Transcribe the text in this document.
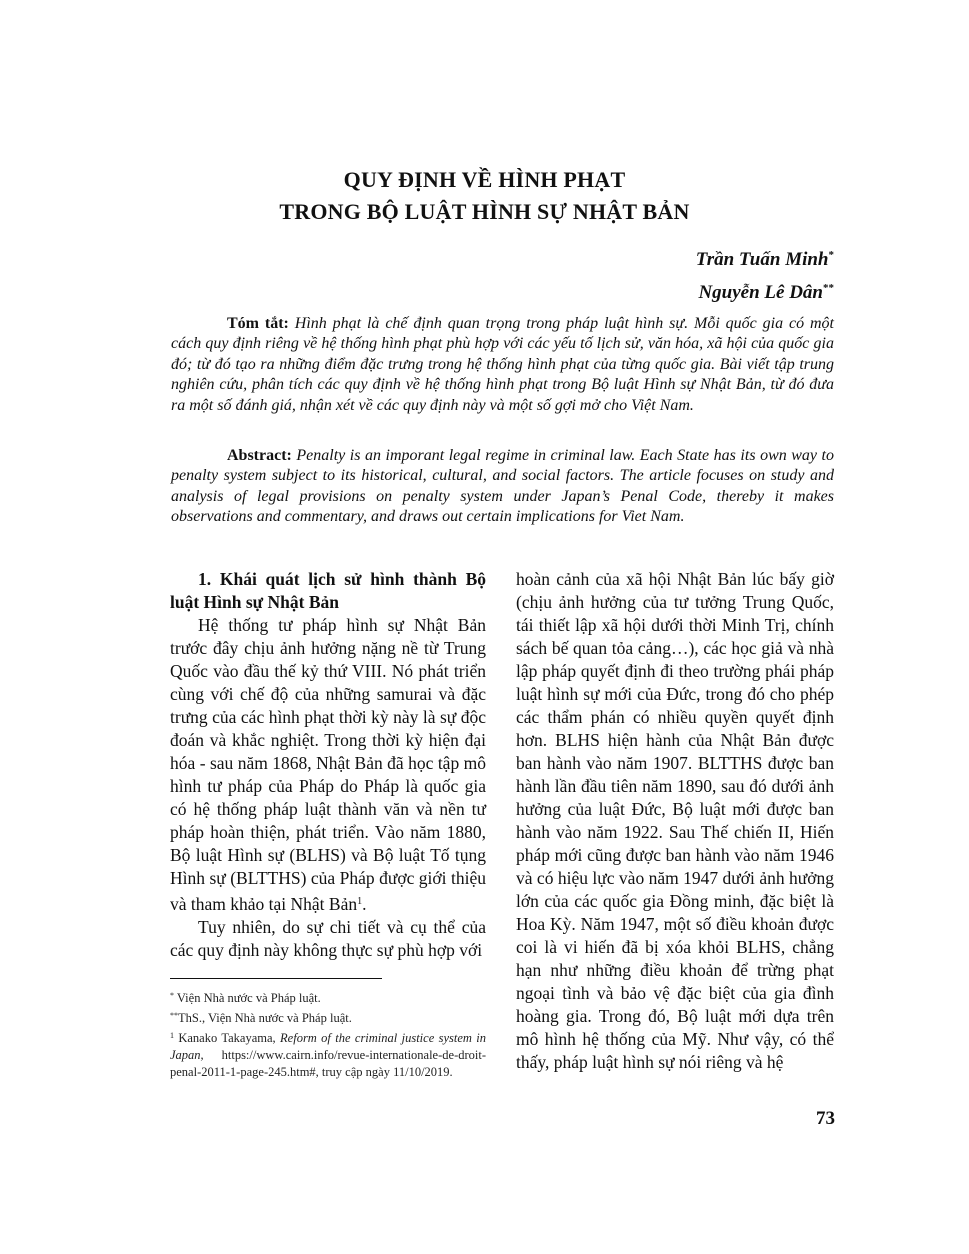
QUY ĐỊNH VỀ HÌNH PHẠT
TRONG BỘ LUẬT HÌNH SỰ NHẬT BẢN
Trần Tuấn Minh*
Nguyễn Lê Dân**

Tóm tắt: Hình phạt là chế định quan trọng trong pháp luật hình sự. Mỗi quốc gia có một cách quy định riêng về hệ thống hình phạt phù hợp với các yếu tố lịch sử, văn hóa, xã hội của quốc gia đó; từ đó tạo ra những điểm đặc trưng trong hệ thống hình phạt của từng quốc gia. Bài viết tập trung nghiên cứu, phân tích các quy định về hệ thống hình phạt trong Bộ luật Hình sự Nhật Bản, từ đó đưa ra một số đánh giá, nhận xét về các quy định này và một số gợi mở cho Việt Nam.

Abstract: Penalty is an imporant legal regime in criminal law. Each State has its own way to penalty system subject to its historical, cultural, and social factors. The article focuses on study and analysis of legal provisions on penalty system under Japan’s Penal Code, thereby it makes observations and commentary, and draws out certain implications for Viet Nam.

1. Khái quát lịch sử hình thành Bộ luật Hình sự Nhật Bản

Hệ thống tư pháp hình sự Nhật Bản trước đây chịu ảnh hưởng nặng nề từ Trung Quốc vào đầu thế kỷ thứ VIII. Nó phát triển cùng với chế độ của những samurai và đặc trưng của các hình phạt thời kỳ này là sự độc đoán và khắc nghiệt. Trong thời kỳ hiện đại hóa - sau năm 1868, Nhật Bản đã học tập mô hình tư pháp của Pháp do Pháp là quốc gia có hệ thống pháp luật thành văn và nền tư pháp hoàn thiện, phát triển. Vào năm 1880, Bộ luật Hình sự (BLHS) và Bộ luật Tố tụng Hình sự (BLTTHS) của Pháp được giới thiệu và tham khảo tại Nhật Bản$^1$.

Tuy nhiên, do sự chi tiết và cụ thể của các quy định này không thực sự phù hợp với

hoàn cảnh của xã hội Nhật Bản lúc bấy giờ (chịu ảnh hưởng của tư tưởng Trung Quốc, tái thiết lập xã hội dưới thời Minh Trị, chính sách bế quan tỏa cảng…), các học giả và nhà lập pháp quyết định đi theo trường phái pháp luật hình sự mới của Đức, trong đó cho phép các thẩm phán có nhiều quyền quyết định hơn. BLHS hiện hành của Nhật Bản được ban hành vào năm 1907. BLTTHS được ban hành lần đầu tiên năm 1890, sau đó dưới ảnh hưởng của luật Đức, Bộ luật mới được ban hành vào năm 1922. Sau Thế chiến II, Hiến pháp mới cũng được ban hành vào năm 1946 và có hiệu lực vào năm 1947 dưới ảnh hưởng lớn của các quốc gia Đồng minh, đặc biệt là Hoa Kỳ. Năm 1947, một số điều khoản được coi là vi hiến đã bị xóa khỏi BLHS, chẳng hạn như những điều khoản để trừng phạt ngoại tình và bảo vệ đặc biệt của gia đình hoàng gia. Trong đó, Bộ luật mới dựa trên mô hình hệ thống của Mỹ. Như vậy, có thể thấy, pháp luật hình sự nói riêng và hệ

* Viện Nhà nước và Pháp luật.

**ThS., Viện Nhà nước và Pháp luật.

$^1$ Kanako Takayama, Reform of the criminal justice system in Japan, https://www.cairn.info/revue-internationale-de-droit-penal-2011-1-page-245.htm#, truy cập ngày 11/10/2019.

73
